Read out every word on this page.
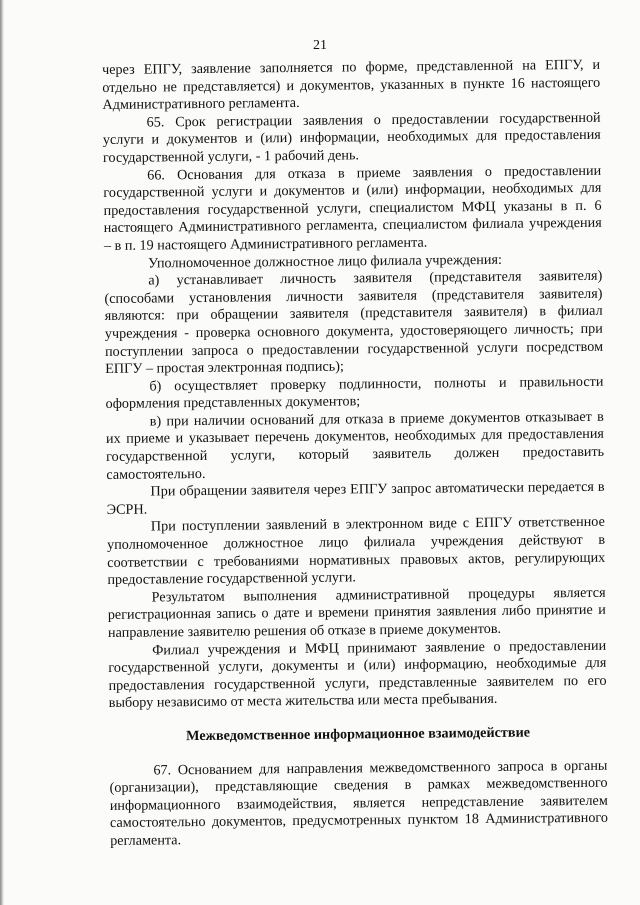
21

через ЕПГУ, заявление заполняется по форме, представленной на ЕПГУ, и отдельно не представляется) и документов, указанных в пункте 16 настоящего Административного регламента.

65. Срок регистрации заявления о предоставлении государственной услуги и документов и (или) информации, необходимых для предоставления государственной услуги, - 1 рабочий день.

66. Основания для отказа в приеме заявления о предоставлении государственной услуги и документов и (или) информации, необходимых для предоставления государственной услуги, специалистом МФЦ указаны в п. 6 настоящего Административного регламента, специалистом филиала учреждения – в п. 19 настоящего Административного регламента.

Уполномоченное должностное лицо филиала учреждения:

а) устанавливает личность заявителя (представителя заявителя) (способами установления личности заявителя (представителя заявителя) являются: при обращении заявителя (представителя заявителя) в филиал учреждения - проверка основного документа, удостоверяющего личность; при поступлении запроса о предоставлении государственной услуги посредством ЕПГУ – простая электронная подпись);

б) осуществляет проверку подлинности, полноты и правильности оформления представленных документов;

в) при наличии оснований для отказа в приеме документов отказывает в их приеме и указывает перечень документов, необходимых для предоставления государственной услуги, который заявитель должен предоставить самостоятельно.

При обращении заявителя через ЕПГУ запрос автоматически передается в ЭСРН.

При поступлении заявлений в электронном виде с ЕПГУ ответственное уполномоченное должностное лицо филиала учреждения действуют в соответствии с требованиями нормативных правовых актов, регулирующих предоставление государственной услуги.

Результатом выполнения административной процедуры является регистрационная запись о дате и времени принятия заявления либо принятие и направление заявителю решения об отказе в приеме документов.

Филиал учреждения и МФЦ принимают заявление о предоставлении государственной услуги, документы и (или) информацию, необходимые для предоставления государственной услуги, представленные заявителем по его выбору независимо от места жительства или места пребывания.

Межведомственное информационное взаимодействие

67. Основанием для направления межведомственного запроса в органы (организации), представляющие сведения в рамках межведомственного информационного взаимодействия, является непредставление заявителем самостоятельно документов, предусмотренных пунктом 18 Административного регламента.
